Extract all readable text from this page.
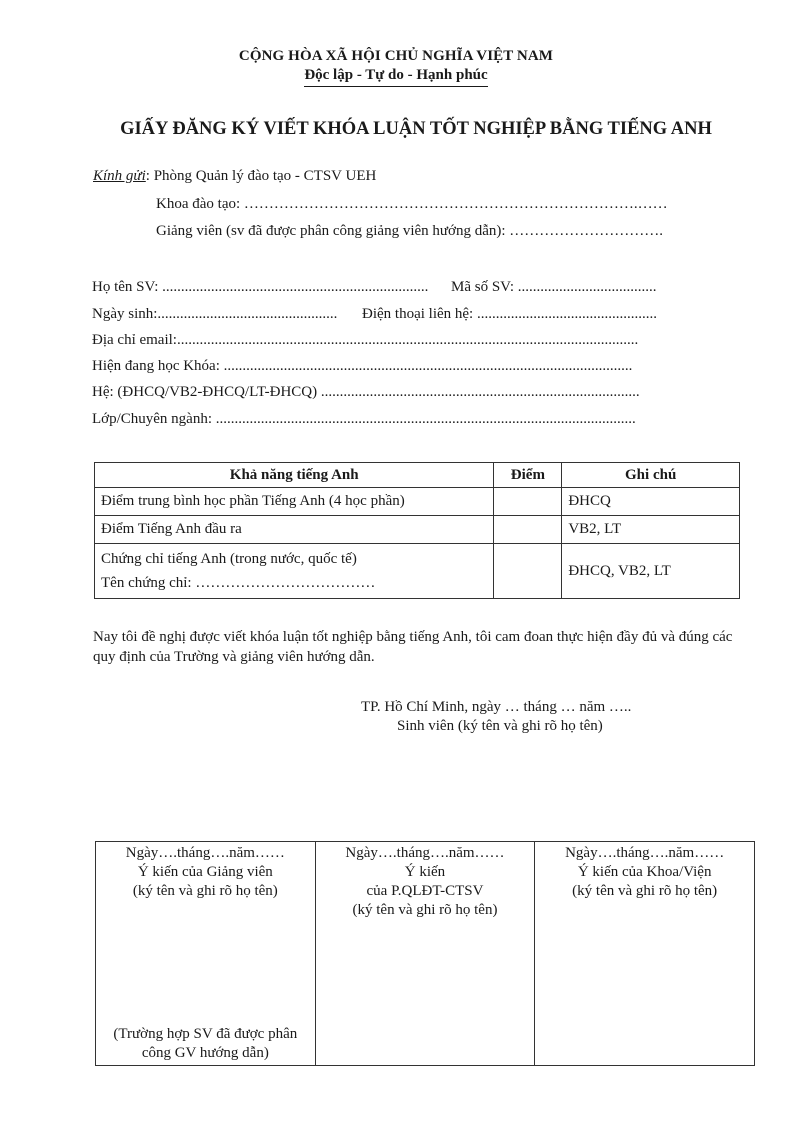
CỘNG HÒA XÃ HỘI CHỦ NGHĨA VIỆT NAM
Độc lập - Tự do - Hạnh phúc
GIẤY ĐĂNG KÝ VIẾT KHÓA LUẬN TỐT NGHIỆP BẰNG TIẾNG ANH
Kính gửi: Phòng Quản lý đào tạo - CTSV UEH
Khoa đào tạo: …………………………………………………………………….……
Giảng viên (sv đã được phân công giảng viên hướng dẫn): ………………………….
Họ tên SV: ....................................................................... Mã số SV: .....................................
Ngày sinh:................................................ Điện thoại liên hệ: ................................................
Địa chỉ email:...........................................................................................................................
Hiện đang học Khóa: .............................................................................................................
Hệ: (ĐHCQ/VB2-ĐHCQ/LT-ĐHCQ) .....................................................................................
Lớp/Chuyên ngành: ................................................................................................................
Khả năng tiếng Anh	Điểm	Ghi chú
Điểm trung bình học phần Tiếng Anh (4 học phần)		ĐHCQ
Điểm Tiếng Anh đầu ra		VB2, LT

Chứng chỉ tiếng Anh (trong nước, quốc tế)
Tên chứng chỉ: ………………………………		ĐHCQ, VB2, LT
Nay tôi đề nghị được viết khóa luận tốt nghiệp bằng tiếng Anh, tôi cam đoan thực hiện đầy đủ và đúng các quy định của Trường và giảng viên hướng dẫn.
TP. Hồ Chí Minh, ngày … tháng … năm …..
Sinh viên (ký tên và ghi rõ họ tên)
Ngày….tháng….năm……
Ý kiến của Giảng viên
(ký tên và ghi rõ họ tên)
(Trường hợp SV đã được phân công GV hướng dẫn)

Ngày….tháng….năm……
Ý kiến
của P.QLĐT-CTSV
(ký tên và ghi rõ họ tên)

Ngày….tháng….năm……
Ý kiến của Khoa/Viện
(ký tên và ghi rõ họ tên)
